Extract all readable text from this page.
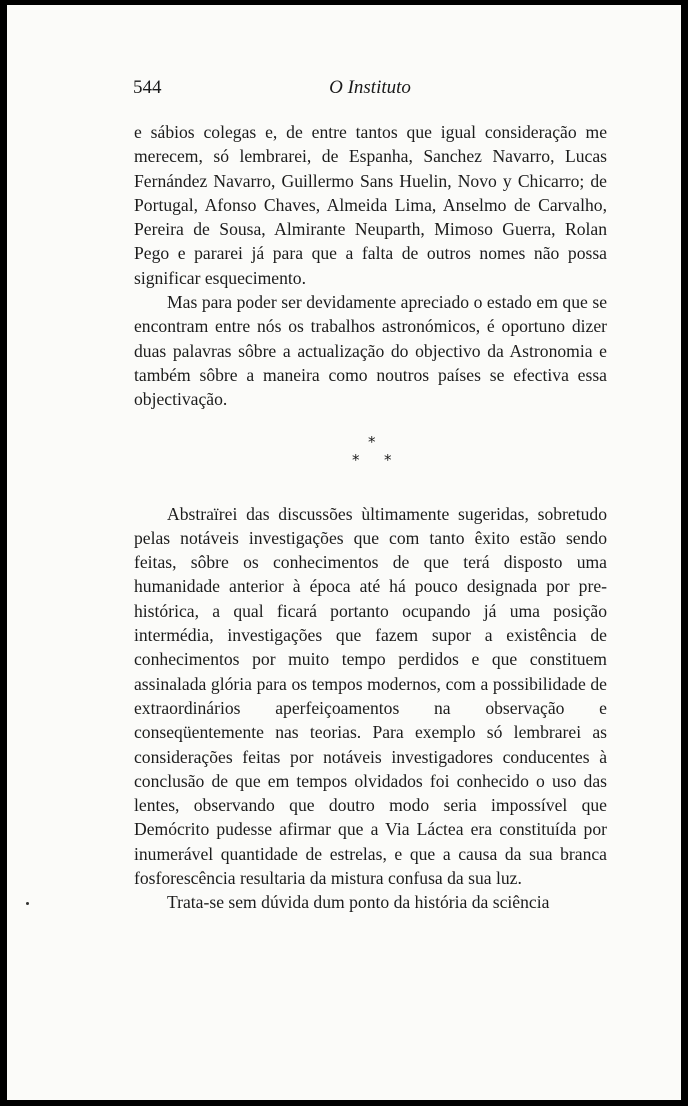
544	O Instituto

e sábios colegas e, de entre tantos que igual consideração me merecem, só lembrarei, de Espanha, Sanchez Navarro, Lucas Fernández Navarro, Guillermo Sans Huelin, Novo y Chicarro; de Portugal, Afonso Chaves, Almeida Lima, Anselmo de Carvalho, Pereira de Sousa, Almirante Neuparth, Mimoso Guerra, Rolan Pego e pararei já para que a falta de outros nomes não possa significar esquecimento.

Mas para poder ser devidamente apreciado o estado em que se encontram entre nós os trabalhos astronómicos, é oportuno dizer duas palavras sôbre a actualização do objectivo da Astronomia e também sôbre a maneira como noutros países se efectiva essa objectivação.

*
* *

Abstraïrei das discussões ùltimamente sugeridas, sobretudo pelas notáveis investigações que com tanto êxito estão sendo feitas, sôbre os conhecimentos de que terá disposto uma humanidade anterior à época até há pouco designada por pre-histórica, a qual ficará portanto ocupando já uma posição intermédia, investigações que fazem supor a existência de conhecimentos por muito tempo perdidos e que constituem assinalada glória para os tempos modernos, com a possibilidade de extraordinários aperfeiçoamentos na observação e conseqüentemente nas teorias. Para exemplo só lembrarei as considerações feitas por notáveis investigadores conducentes à conclusão de que em tempos olvidados foi conhecido o uso das lentes, observando que doutro modo seria impossível que Demócrito pudesse afirmar que a Via Láctea era constituída por inumerável quantidade de estrelas, e que a causa da sua branca fosforescência resultaria da mistura confusa da sua luz.

Trata-se sem dúvida dum ponto da história da sciência
